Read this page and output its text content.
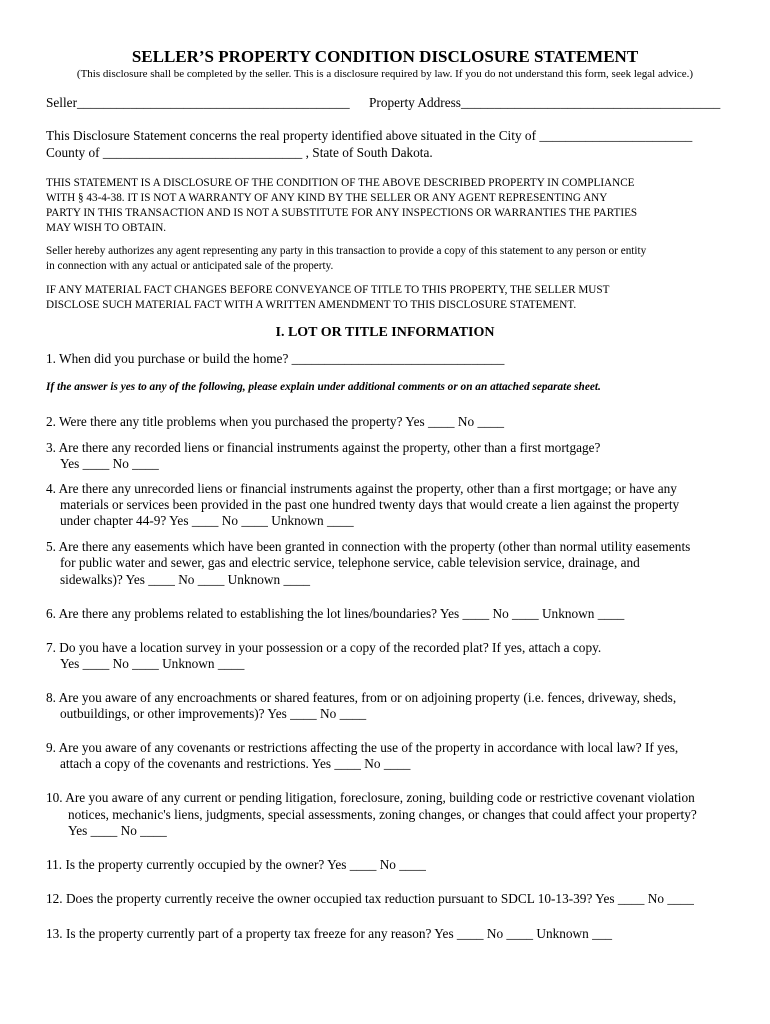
SELLER’S PROPERTY CONDITION DISCLOSURE STATEMENT
(This disclosure shall be completed by the seller. This is a disclosure required by law. If you do not understand this form, seek legal advice.)
Seller_________________________________________ Property Address_______________________________________
This Disclosure Statement concerns the real property identified above situated in the City of _______________________
County of ______________________________ , State of South Dakota.
THIS STATEMENT IS A DISCLOSURE OF THE CONDITION OF THE ABOVE DESCRIBED PROPERTY IN COMPLIANCE
WITH § 43-4-38. IT IS NOT A WARRANTY OF ANY KIND BY THE SELLER OR ANY AGENT REPRESENTING ANY
PARTY IN THIS TRANSACTION AND IS NOT A SUBSTITUTE FOR ANY INSPECTIONS OR WARRANTIES THE PARTIES
MAY WISH TO OBTAIN.
Seller hereby authorizes any agent representing any party in this transaction to provide a copy of this statement to any person or entity
in connection with any actual or anticipated sale of the property.
IF ANY MATERIAL FACT CHANGES BEFORE CONVEYANCE OF TITLE TO THIS PROPERTY, THE SELLER MUST
DISCLOSE SUCH MATERIAL FACT WITH A WRITTEN AMENDMENT TO THIS DISCLOSURE STATEMENT.
I. LOT OR TITLE INFORMATION
1. When did you purchase or build the home? ________________________________
If the answer is yes to any of the following, please explain under additional comments or on an attached separate sheet.
2. Were there any title problems when you purchased the property? Yes ____ No ____
3. Are there any recorded liens or financial instruments against the property, other than a first mortgage?
Yes ____ No ____
4. Are there any unrecorded liens or financial instruments against the property, other than a first mortgage; or have any
materials or services been provided in the past one hundred twenty days that would create a lien against the property
under chapter 44-9? Yes ____ No ____ Unknown ____
5. Are there any easements which have been granted in connection with the property (other than normal utility easements
for public water and sewer, gas and electric service, telephone service, cable television service, drainage, and
sidewalks)? Yes ____ No ____ Unknown ____
6. Are there any problems related to establishing the lot lines/boundaries? Yes ____ No ____ Unknown ____
7. Do you have a location survey in your possession or a copy of the recorded plat? If yes, attach a copy.
Yes ____ No ____ Unknown ____
8. Are you aware of any encroachments or shared features, from or on adjoining property (i.e. fences, driveway, sheds,
outbuildings, or other improvements)? Yes ____ No ____
9. Are you aware of any covenants or restrictions affecting the use of the property in accordance with local law? If yes,
attach a copy of the covenants and restrictions. Yes ____ No ____
10. Are you aware of any current or pending litigation, foreclosure, zoning, building code or restrictive covenant violation
notices, mechanic's liens, judgments, special assessments, zoning changes, or changes that could affect your property?
Yes ____ No ____
11. Is the property currently occupied by the owner? Yes ____ No ____
12. Does the property currently receive the owner occupied tax reduction pursuant to SDCL 10-13-39? Yes ____ No ____
13. Is the property currently part of a property tax freeze for any reason? Yes ____ No ____ Unknown ___
